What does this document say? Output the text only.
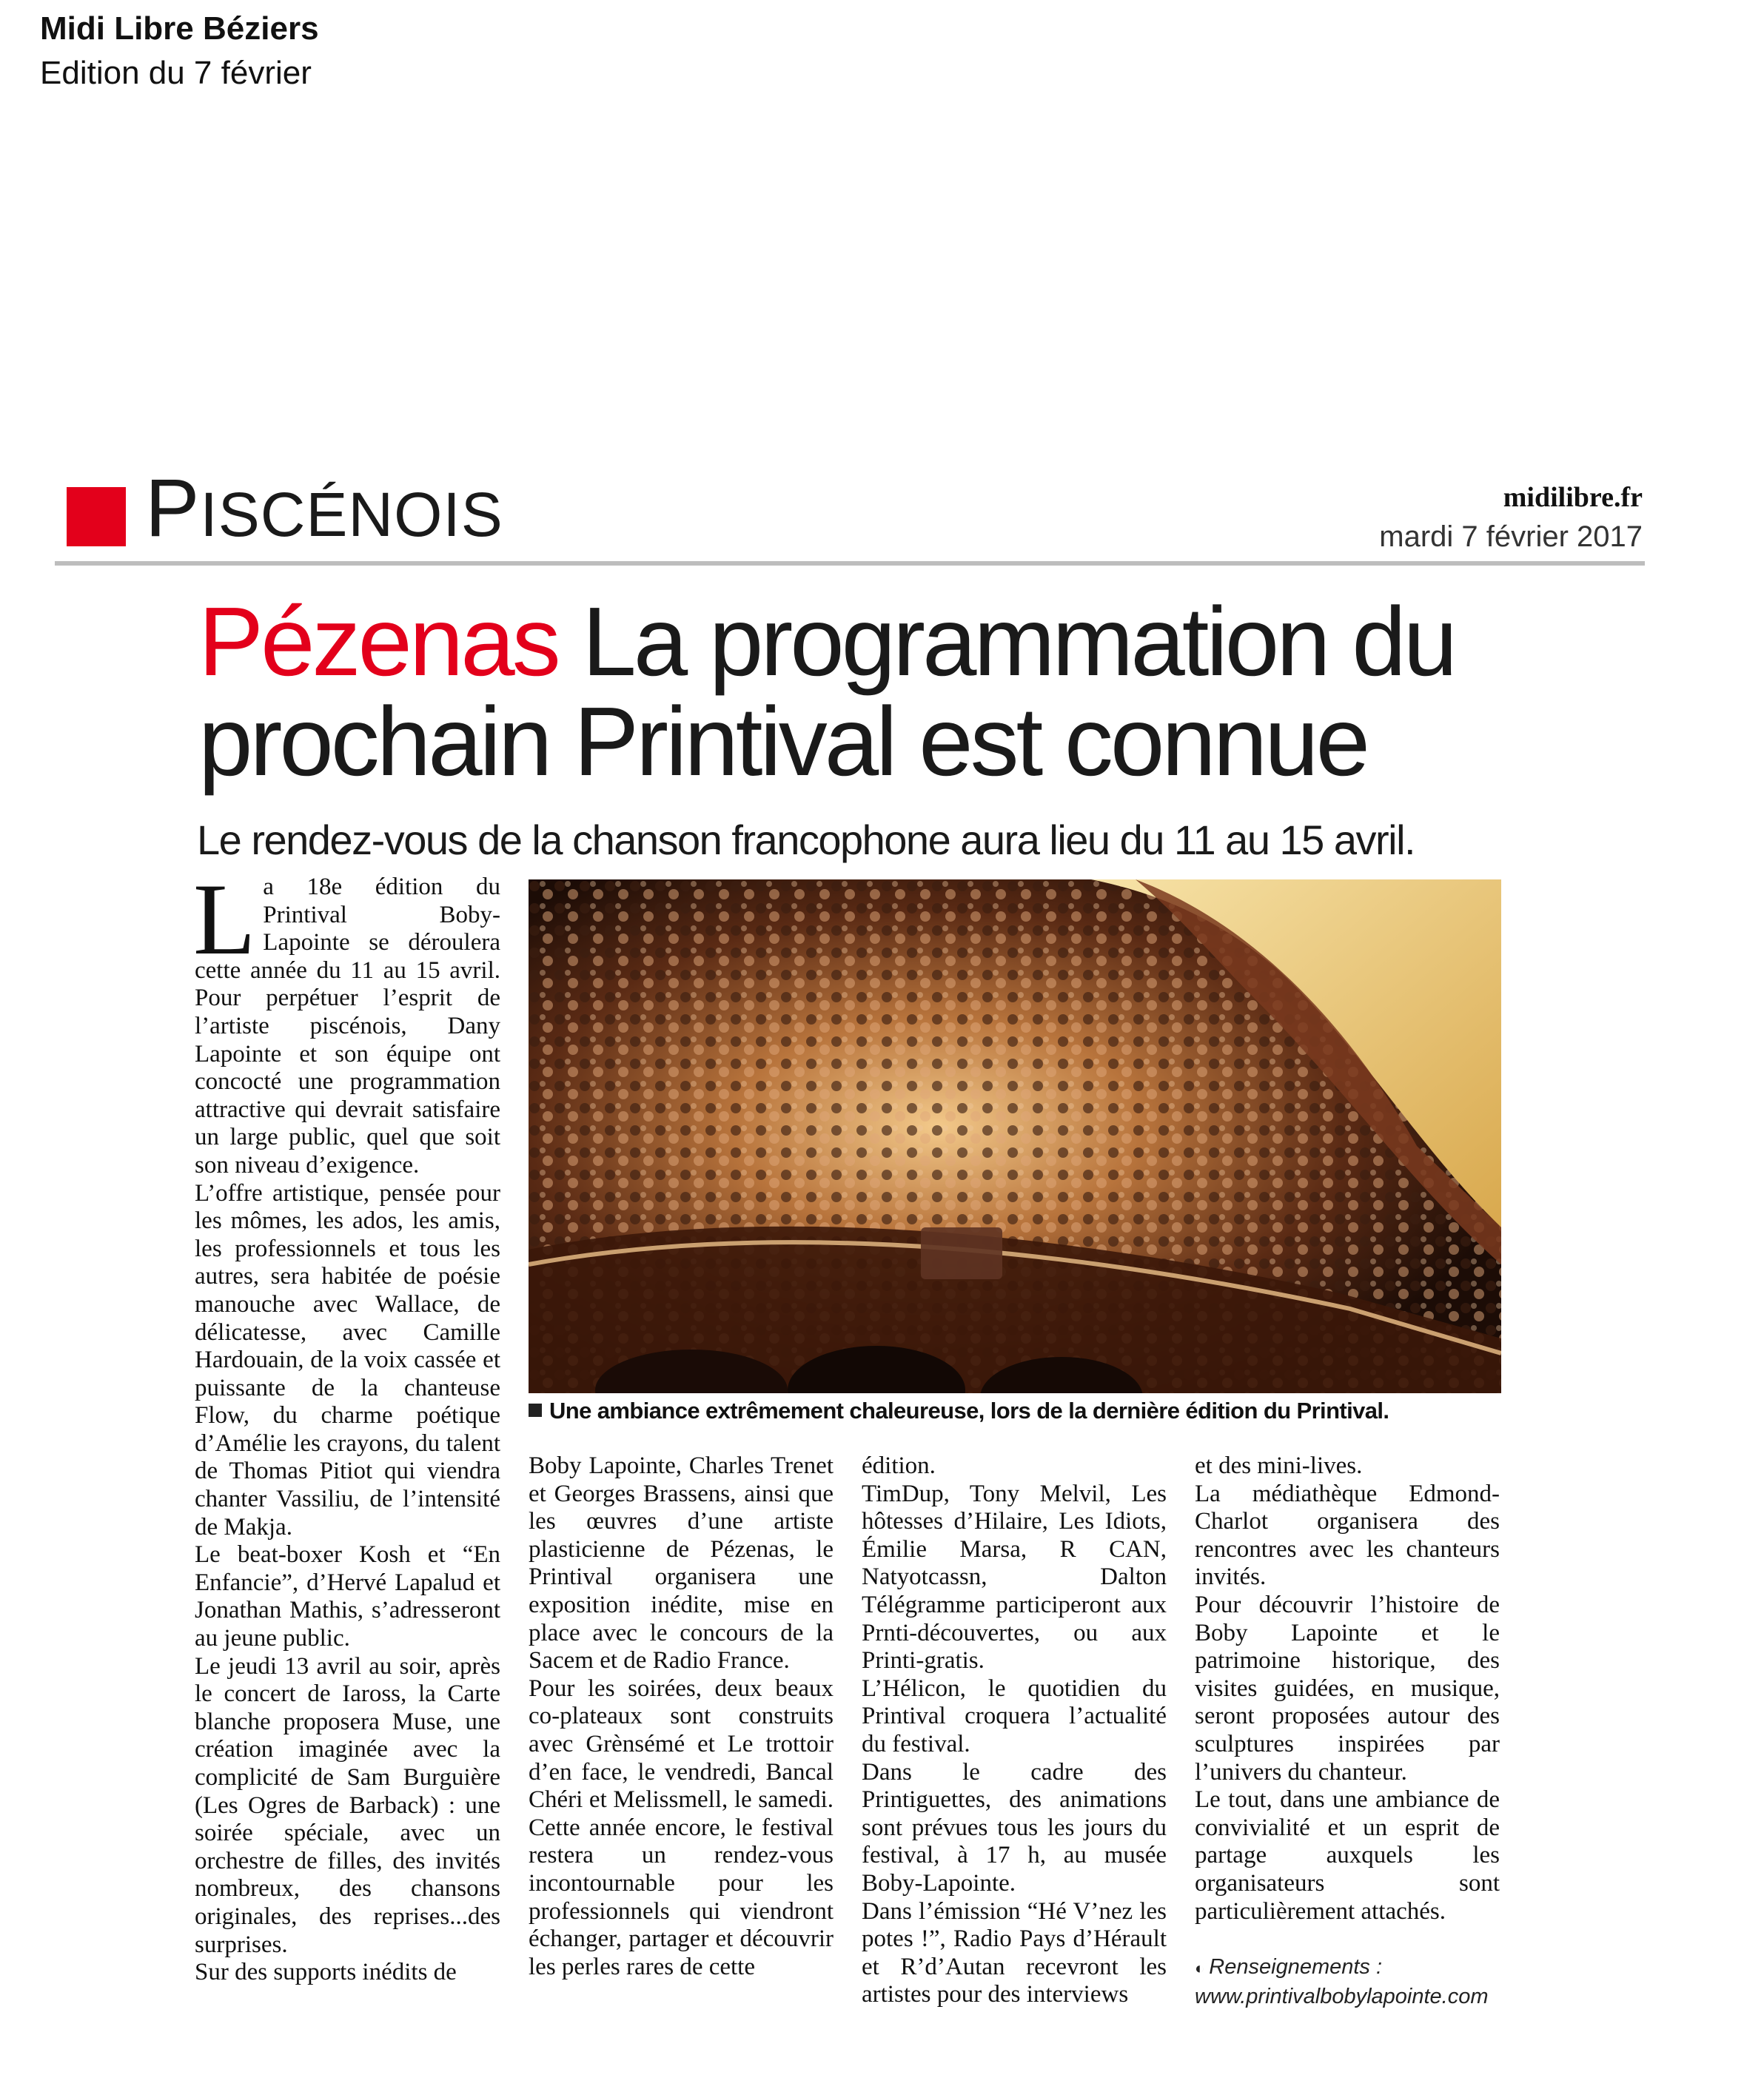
Midi Libre Béziers
Edition du 7 février
PISCÉNOIS	midilibre.fr
mardi 7 février 2017
Pézenas La programmation du prochain Printival est connue
Le rendez-vous de la chanson francophone aura lieu du 11 au 15 avril.
L a 18e édition du Printival Boby-Lapointe se déroulera cette année du 11 au 15 avril. Pour perpétuer l’esprit de l’artiste piscénois, Dany Lapointe et son équipe ont concocté une programmation attractive qui devrait satisfaire un large public, quel que soit son niveau d’exigence.

L’offre artistique, pensée pour les mômes, les ados, les amis, les professionnels et tous les autres, sera habitée de poésie manouche avec Wallace, de délicatesse, avec Camille Hardouain, de la voix cassée et puissante de la chanteuse Flow, du charme poétique d’Amélie les crayons, du talent de Thomas Pitiot qui viendra chanter Vassiliu, de l’intensité de Makja.

Le beat-boxer Kosh et “En Enfancie”, d’Hervé Lapalud et Jonathan Mathis, s’adresseront au jeune public.

Le jeudi 13 avril au soir, après le concert de Iaross, la Carte blanche proposera Muse, une création imaginée avec la complicité de Sam Burguière (Les Ogres de Barback) : une soirée spéciale, avec un orchestre de filles, des invités nombreux, des chansons originales, des reprises...des surprises.

Sur des supports inédits de

Une ambiance extrêmement chaleureuse, lors de la dernière édition du Printival.

Boby Lapointe, Charles Trenet et Georges Brassens, ainsi que les œuvres d’une artiste plasticienne de Pézenas, le Printival organisera une exposition inédite, mise en place avec le concours de la Sacem et de Radio France.

Pour les soirées, deux beaux co-plateaux sont construits avec Grènsémé et Le trottoir d’en face, le vendredi, Bancal Chéri et Melissmell, le samedi. Cette année encore, le festival restera un rendez-vous incontournable pour les professionnels qui viendront échanger, partager et découvrir les perles rares de cette

édition.

TimDup, Tony Melvil, Les hôtesses d’Hilaire, Les Idiots, Émilie Marsa, R CAN, Natyotcassn, Dalton Télégramme participeront aux Prnti-découvertes, ou aux Printi-gratis.

L’Hélicon, le quotidien du Printival croquera l’actualité du festival.

Dans le cadre des Printiguettes, des animations sont prévues tous les jours du festival, à 17 h, au musée Boby-Lapointe.

Dans l’émission “Hé V’nez les potes !”, Radio Pays d’Hérault et R’d’Autan recevront les artistes pour des interviews

et des mini-lives.

La médiathèque Edmond-Charlot organisera des rencontres avec les chanteurs invités.

Pour découvrir l’histoire de Boby Lapointe et le patrimoine historique, des visites guidées, en musique, seront proposées autour des sculptures inspirées par l’univers du chanteur.

Le tout, dans une ambiance de convivialité et un esprit de partage auxquels les organisateurs sont particulièrement attachés.

◐ Renseignements :
www.printivalbobylapointe.com
